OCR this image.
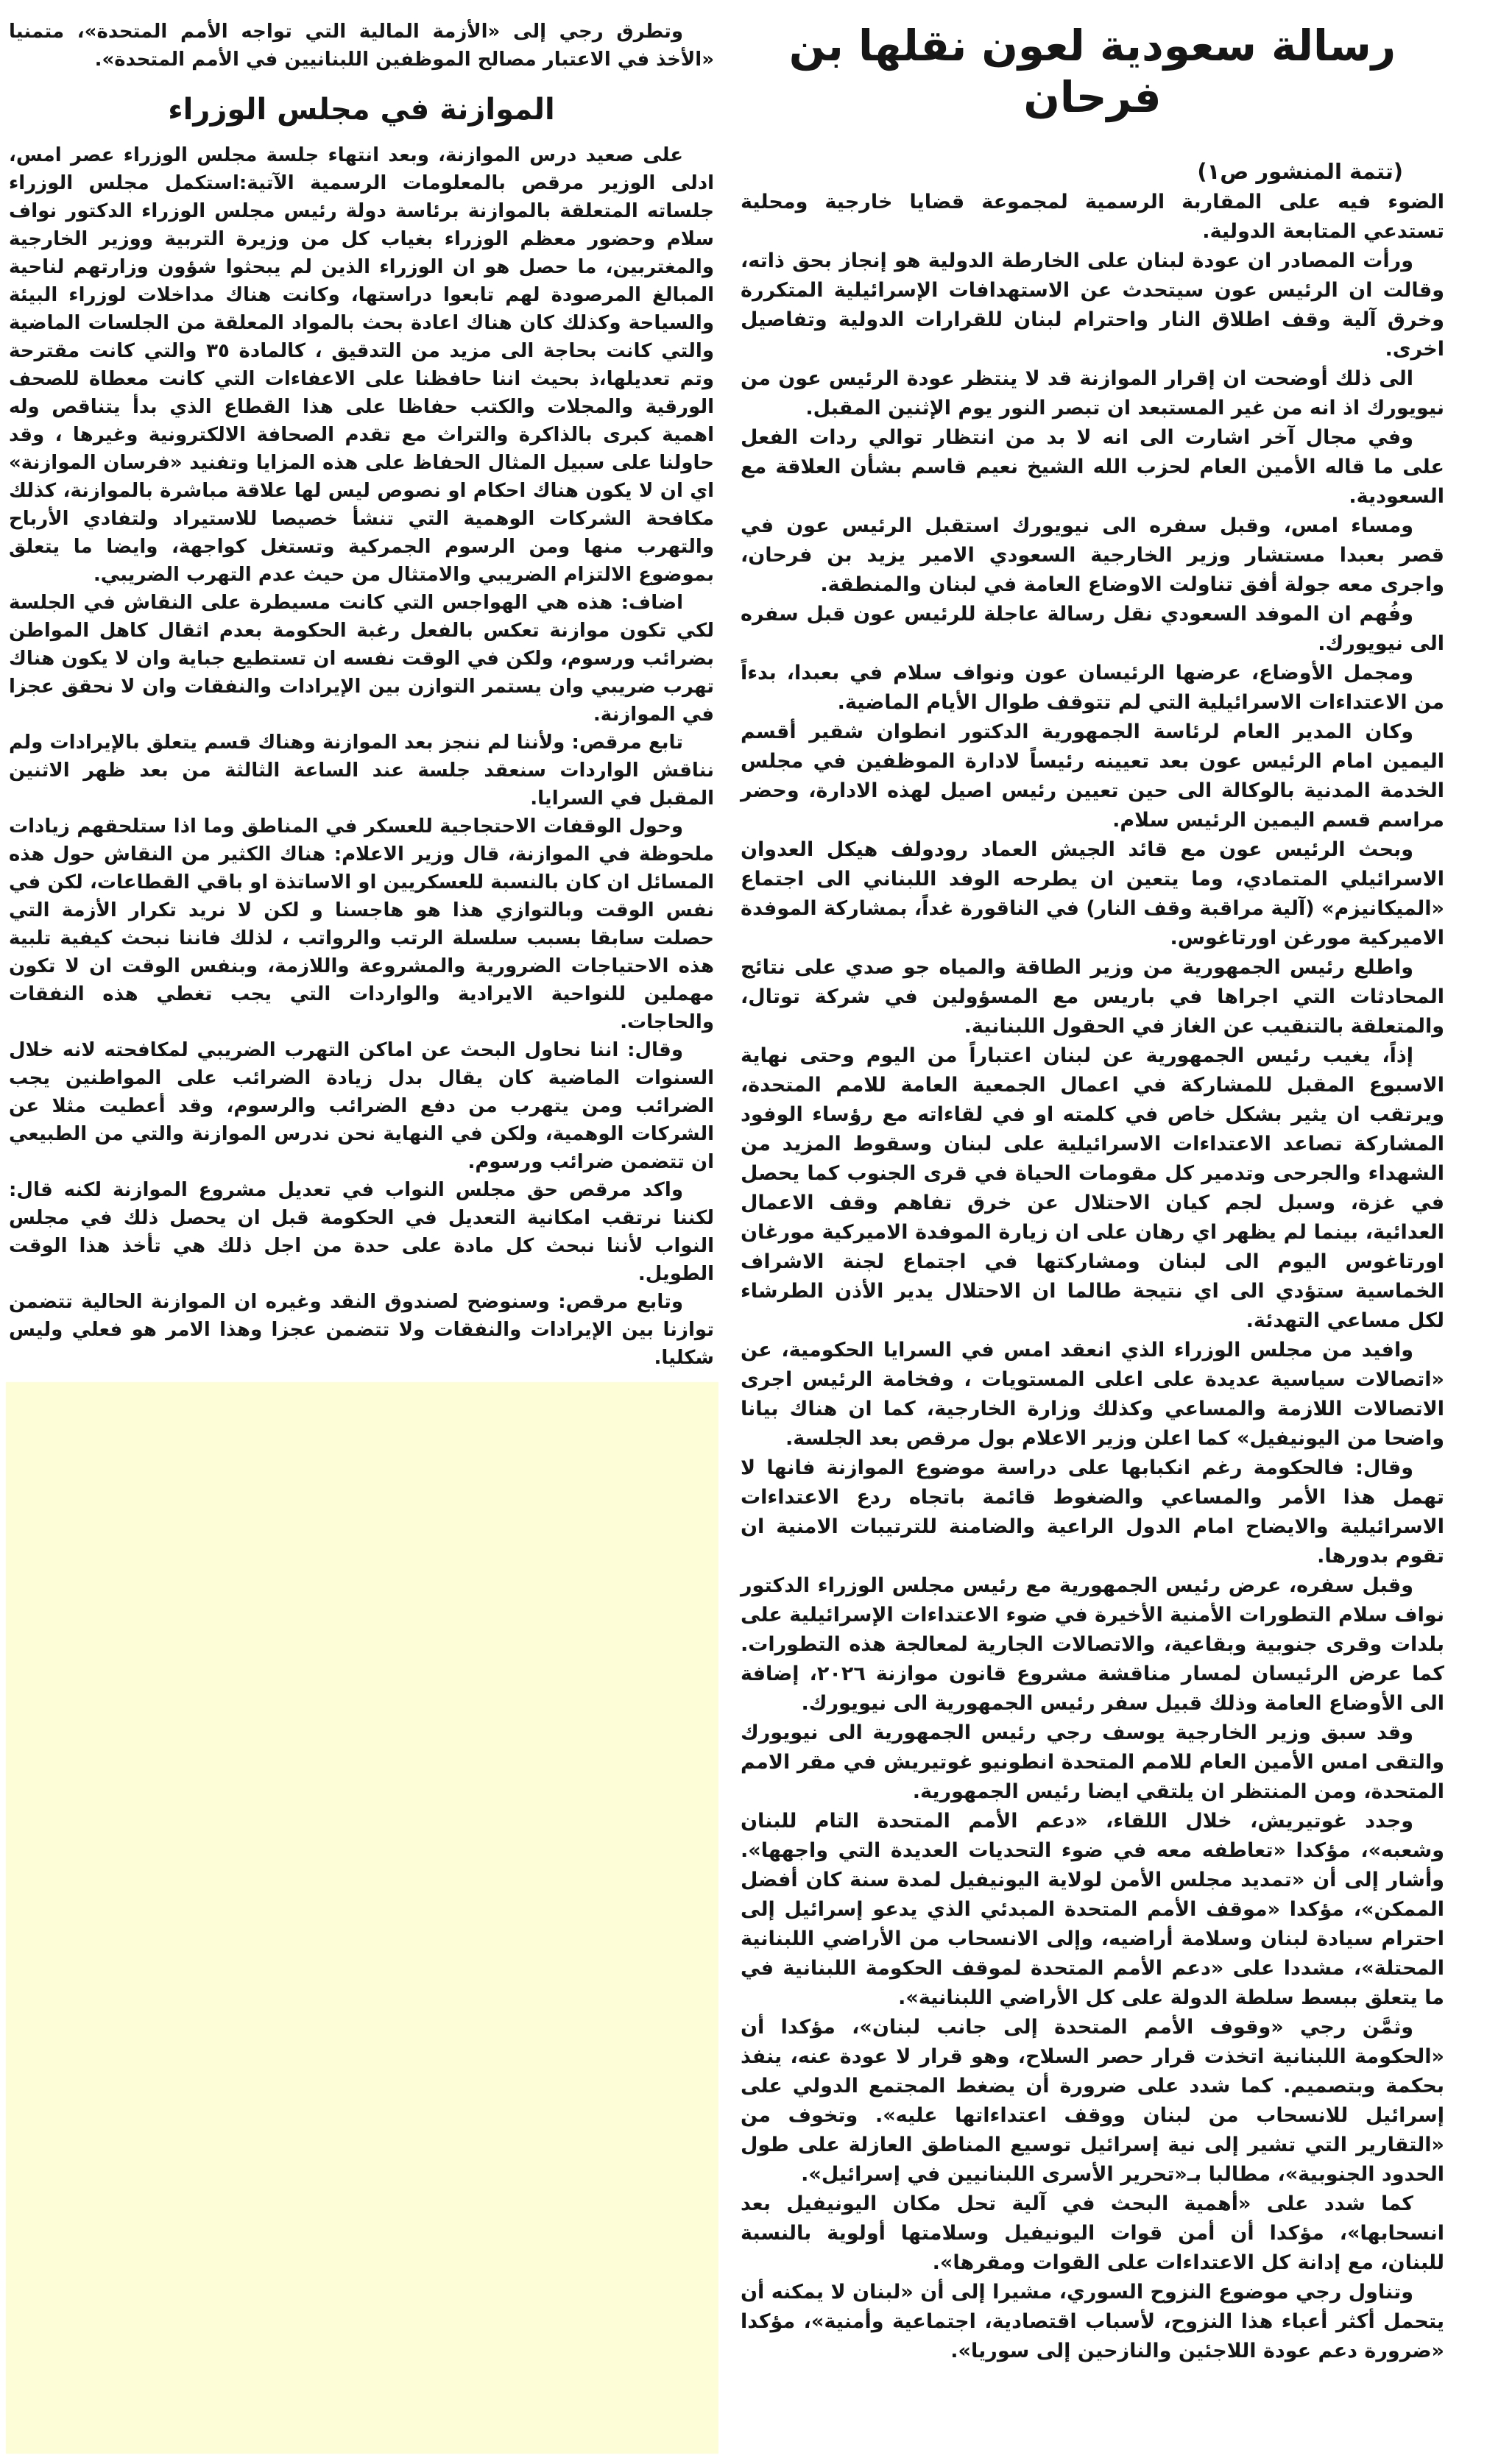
رسالة سعودية لعون نقلها بن فرحان

(تتمة المنشور ص١)

الضوء فيه على المقاربة الرسمية لمجموعة قضايا خارجية ومحلية تستدعي المتابعة الدولية.

ورأت المصادر ان عودة لبنان على الخارطة الدولية هو إنجاز بحق ذاته، وقالت ان الرئيس عون سيتحدث عن الاستهدافات الإسرائيلية المتكررة وخرق آلية وقف اطلاق النار واحترام لبنان للقرارات الدولية وتفاصيل اخرى.

الى ذلك أوضحت ان إقرار الموازنة قد لا ينتظر عودة الرئيس عون من نيويورك اذ انه من غير المستبعد ان تبصر النور يوم الإثنين المقبل.

وفي مجال آخر اشارت الى انه لا بد من انتظار توالي ردات الفعل على ما قاله الأمين العام لحزب الله الشيخ نعيم قاسم بشأن العلاقة مع السعودية.

ومساء امس، وقبل سفره الى نيويورك استقبل الرئيس عون في قصر بعبدا مستشار وزير الخارجية السعودي الامير يزيد بن فرحان، واجرى معه جولة أفق تناولت الاوضاع العامة في لبنان والمنطقة.

وفُهم ان الموفد السعودي نقل رسالة عاجلة للرئيس عون قبل سفره الى نيويورك.

ومجمل الأوضاع، عرضها الرئيسان عون ونواف سلام في بعبدا، بدءاً من الاعتداءات الاسرائيلية التي لم تتوقف طوال الأيام الماضية.

وكان المدير العام لرئاسة الجمهورية الدكتور انطوان شقير أقسم اليمين امام الرئيس عون بعد تعيينه رئيساً لادارة الموظفين في مجلس الخدمة المدنية بالوكالة الى حين تعيين رئيس اصيل لهذه الادارة، وحضر مراسم قسم اليمين الرئيس سلام.

وبحث الرئيس عون مع قائد الجيش العماد رودولف هيكل العدوان الاسرائيلي المتمادي، وما يتعين ان يطرحه الوفد اللبناني الى اجتماع «الميكانيزم» (آلية مراقبة وقف النار) في الناقورة غداً، بمشاركة الموفدة الاميركية مورغن اورتاغوس.

واطلع رئيس الجمهورية من وزير الطاقة والمياه جو صدي على نتائج المحادثات التي اجراها في باريس مع المسؤولين في شركة توتال، والمتعلقة بالتنقيب عن الغاز في الحقول اللبنانية.

إذاً، يغيب رئيس الجمهورية عن لبنان اعتباراً من اليوم وحتى نهاية الاسبوع المقبل للمشاركة في اعمال الجمعية العامة للامم المتحدة، ويرتقب ان يثير بشكل خاص في كلمته او في لقاءاته مع رؤساء الوفود المشاركة تصاعد الاعتداءات الاسرائيلية على لبنان وسقوط المزيد من الشهداء والجرحى وتدمير كل مقومات الحياة في قرى الجنوب كما يحصل في غزة، وسبل لجم كيان الاحتلال عن خرق تفاهم وقف الاعمال العدائية، بينما لم يظهر اي رهان على ان زيارة الموفدة الاميركية مورغان اورتاغوس اليوم الى لبنان ومشاركتها في اجتماع لجنة الاشراف الخماسية ستؤدي الى اي نتيجة طالما ان الاحتلال يدير الأذن الطرشاء لكل مساعي التهدئة.

وافيد من مجلس الوزراء الذي انعقد امس في السرايا الحكومية، عن «اتصالات سياسية عديدة على اعلى المستويات ، وفخامة الرئيس اجرى الاتصالات اللازمة والمساعي وكذلك وزارة الخارجية، كما ان هناك بيانا واضحا من اليونيفيل» كما اعلن وزير الاعلام بول مرقص بعد الجلسة.

وقال: فالحكومة رغم انكبابها على دراسة موضوع الموازنة فانها لا تهمل هذا الأمر والمساعي والضغوط قائمة باتجاه ردع الاعتداءات الاسرائيلية والايضاح امام الدول الراعية والضامنة للترتيبات الامنية ان تقوم بدورها.

وقبل سفره، عرض رئيس الجمهورية مع رئيس مجلس الوزراء الدكتور نواف سلام التطورات الأمنية الأخيرة في ضوء الاعتداءات الإسرائيلية على بلدات وقرى جنوبية وبقاعية، والاتصالات الجارية لمعالجة هذه التطورات. كما عرض الرئيسان لمسار مناقشة مشروع قانون موازنة ٢٠٢٦، إضافة الى الأوضاع العامة وذلك قبيل سفر رئيس الجمهورية الى نيويورك.

وقد سبق وزير الخارجية يوسف رجي رئيس الجمهورية الى نيويورك والتقى امس الأمين العام للامم المتحدة انطونيو غوتيريش في مقر الامم المتحدة، ومن المنتظر ان يلتقي ايضا رئيس الجمهورية.

وجدد غوتيريش، خلال اللقاء، «دعم الأمم المتحدة التام للبنان وشعبه»، مؤكدا «تعاطفه معه في ضوء التحديات العديدة التي واجهها». وأشار إلى أن «تمديد مجلس الأمن لولاية اليونيفيل لمدة سنة كان أفضل الممكن»، مؤكدا «موقف الأمم المتحدة المبدئي الذي يدعو إسرائيل إلى احترام سيادة لبنان وسلامة أراضيه، وإلى الانسحاب من الأراضي اللبنانية المحتلة»، مشددا على «دعم الأمم المتحدة لموقف الحكومة اللبنانية في ما يتعلق ببسط سلطة الدولة على كل الأراضي اللبنانية».

وثمَّن رجي «وقوف الأمم المتحدة إلى جانب لبنان»، مؤكدا أن «الحكومة اللبنانية اتخذت قرار حصر السلاح، وهو قرار لا عودة عنه، ينفذ بحكمة وبتصميم. كما شدد على ضرورة أن يضغط المجتمع الدولي على إسرائيل للانسحاب من لبنان ووقف اعتداءاتها عليه». وتخوف من «التقارير التي تشير إلى نية إسرائيل توسيع المناطق العازلة على طول الحدود الجنوبية»، مطالبا بـ«تحرير الأسرى اللبنانيين في إسرائيل».

كما شدد على «أهمية البحث في آلية تحل مكان اليونيفيل بعد انسحابها»، مؤكدا أن أمن قوات اليونيفيل وسلامتها أولوية بالنسبة للبنان، مع إدانة كل الاعتداءات على القوات ومقرها».

وتناول رجي موضوع النزوح السوري، مشيرا إلى أن «لبنان لا يمكنه أن يتحمل أكثر أعباء هذا النزوح، لأسباب اقتصادية، اجتماعية وأمنية»، مؤكدا «ضرورة دعم عودة اللاجئين والنازحين إلى سوريا».

وتطرق رجي إلى «الأزمة المالية التي تواجه الأمم المتحدة»، متمنيا «الأخذ في الاعتبار مصالح الموظفين اللبنانيين في الأمم المتحدة».

الموازنة في مجلس الوزراء

على صعيد درس الموازنة، وبعد انتهاء جلسة مجلس الوزراء عصر امس، ادلى الوزير مرقص بالمعلومات الرسمية الآتية:استكمل مجلس الوزراء جلساته المتعلقة بالموازنة برئاسة دولة رئيس مجلس الوزراء الدكتور نواف سلام وحضور معظم الوزراء بغياب كل من وزيرة التربية ووزير الخارجية والمغتربين، ما حصل هو ان الوزراء الذين لم يبحثوا شؤون وزارتهم لناحية المبالغ المرصودة لهم تابعوا دراستها، وكانت هناك مداخلات لوزراء البيئة والسياحة وكذلك كان هناك اعادة بحث بالمواد المعلقة من الجلسات الماضية والتي كانت بحاجة الى مزيد من التدقيق ، كالمادة ٣٥ والتي كانت مقترحة وتم تعديلها،ذ بحيث اننا حافظنا على الاعفاءات التي كانت معطاة للصحف الورقية والمجلات والكتب حفاظا على هذا القطاع الذي بدأ يتناقص وله اهمية كبرى بالذاكرة والتراث مع تقدم الصحافة الالكترونية وغيرها ، وقد حاولنا على سبيل المثال الحفاظ على هذه المزايا وتفنيد «فرسان الموازنة» اي ان لا يكون هناك احكام او نصوص ليس لها علاقة مباشرة بالموازنة، كذلك مكافحة الشركات الوهمية التي تنشأ خصيصا للاستيراد ولتفادي الأرباح والتهرب منها ومن الرسوم الجمركية وتستغل كواجهة، وايضا ما يتعلق بموضوع الالتزام الضريبي والامتثال من حيث عدم التهرب الضريبي.

اضاف: هذه هي الهواجس التي كانت مسيطرة على النقاش في الجلسة لكي تكون موازنة تعكس بالفعل رغبة الحكومة بعدم اثقال كاهل المواطن بضرائب ورسوم، ولكن في الوقت نفسه ان تستطيع جباية وان لا يكون هناك تهرب ضريبي وان يستمر التوازن بين الإيرادات والنفقات وان لا نحقق عجزا في الموازنة.

تابع مرقص: ولأننا لم ننجز بعد الموازنة وهناك قسم يتعلق بالإيرادات ولم نناقش الواردات سنعقد جلسة عند الساعة الثالثة من بعد ظهر الاثنين المقبل في السرايا.

وحول الوقفات الاحتجاجية للعسكر في المناطق وما اذا ستلحقهم زيادات ملحوظة في الموازنة، قال وزير الاعلام: هناك الكثير من النقاش حول هذه المسائل ان كان بالنسبة للعسكريين او الاساتذة او باقي القطاعات، لكن في نفس الوقت وبالتوازي هذا هو هاجسنا و لكن لا نريد تكرار الأزمة التي حصلت سابقا بسبب سلسلة الرتب والرواتب ، لذلك فاننا نبحث كيفية تلبية هذه الاحتياجات الضرورية والمشروعة واللازمة، وبنفس الوقت ان لا تكون مهملين للنواحية الايرادية والواردات التي يجب تغطي هذه النفقات والحاجات.

وقال: اننا نحاول البحث عن اماكن التهرب الضريبي لمكافحته لانه خلال السنوات الماضية كان يقال بدل زيادة الضرائب على المواطنين يجب الضرائب ومن يتهرب من دفع الضرائب والرسوم، وقد أعطيت مثلا عن الشركات الوهمية، ولكن في النهاية نحن ندرس الموازنة والتي من الطبيعي ان تتضمن ضرائب ورسوم.

واكد مرقص حق مجلس النواب في تعديل مشروع الموازنة لكنه قال: لكننا نرتقب امكانية التعديل في الحكومة قبل ان يحصل ذلك في مجلس النواب لأننا نبحث كل مادة على حدة من اجل ذلك هي تأخذ هذا الوقت الطويل.

وتابع مرقص: وسنوضح لصندوق النقد وغيره ان الموازنة الحالية تتضمن توازنا بين الإيرادات والنفقات ولا تتضمن عجزا وهذا الامر هو فعلي وليس شكليا.
